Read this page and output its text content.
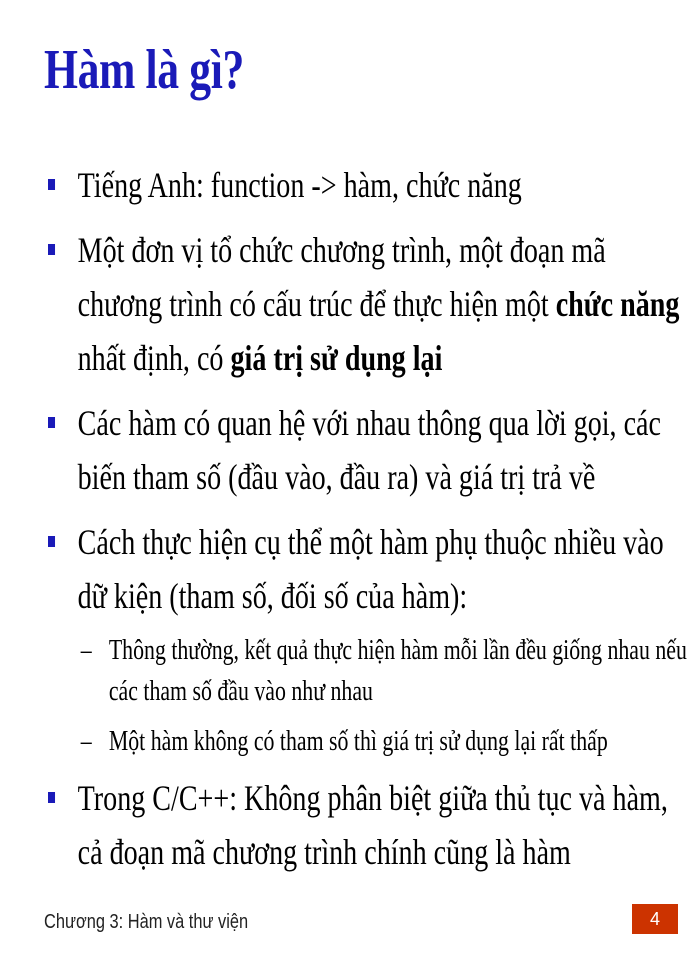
Hàm là gì?
Tiếng Anh: function -> hàm, chức năng
Một đơn vị tổ chức chương trình, một đoạn mã chương trình có cấu trúc để thực hiện một chức năng nhất định, có giá trị sử dụng lại
Các hàm có quan hệ với nhau thông qua lời gọi, các biến tham số (đầu vào, đầu ra) và giá trị trả về
Cách thực hiện cụ thể một hàm phụ thuộc nhiều vào dữ kiện (tham số, đối số của hàm):
– Thông thường, kết quả thực hiện hàm mỗi lần đều giống nhau nếu các tham số đầu vào như nhau
– Một hàm không có tham số thì giá trị sử dụng lại rất thấp
Trong C/C++: Không phân biệt giữa thủ tục và hàm, cả đoạn mã chương trình chính cũng là hàm
Chương 3: Hàm và thư viện	4
